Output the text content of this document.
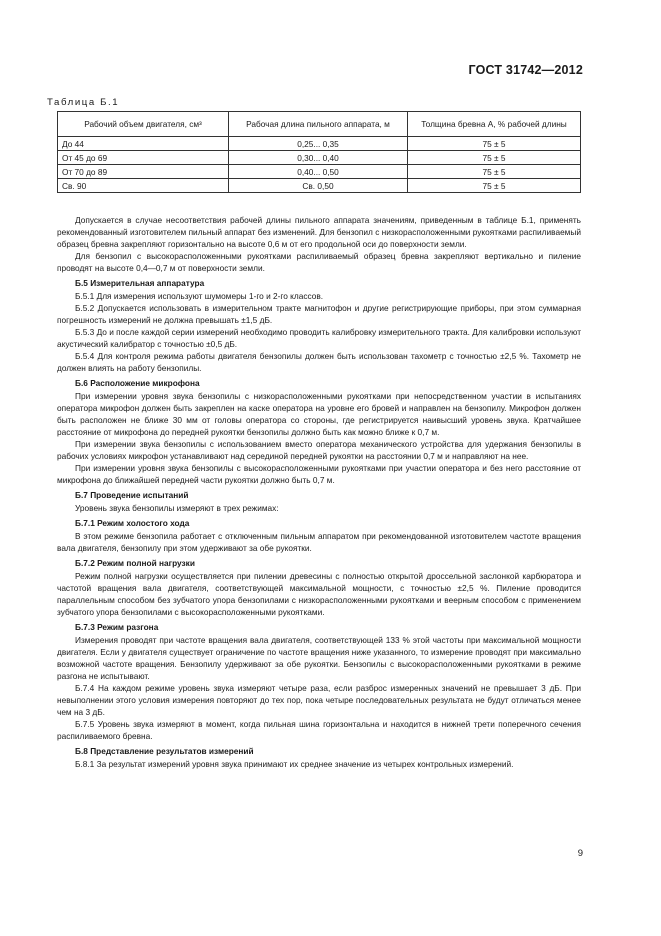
ГОСТ 31742—2012
Таблица Б.1
Рабочий объем двигателя, см³	Рабочая длина пильного аппарата, м	Толщина бревна A, % рабочей длины
До 44	0,25... 0,35	75 ± 5
От 45 до 69	0,30... 0,40	75 ± 5
От 70 до 89	0,40... 0,50	75 ± 5
Св. 90	Св. 0,50	75 ± 5

Допускается в случае несоответствия рабочей длины пильного аппарата значениям, приведенным в таблице Б.1, применять рекомендованный изготовителем пильный аппарат без изменений. Для бензопил с низкорасположенными рукоятками распиливаемый образец бревна закрепляют горизонтально на высоте 0,6 м от его продольной оси до поверхности земли.

Для бензопил с высокорасположенными рукоятками распиливаемый образец бревна закрепляют вертикально и пиление проводят на высоте 0,4—0,7 м от поверхности земли.

Б.5 Измерительная аппаратура

Б.5.1 Для измерения используют шумомеры 1-го и 2-го классов.

Б.5.2 Допускается использовать в измерительном тракте магнитофон и другие регистрирующие приборы, при этом суммарная погрешность измерений не должна превышать ±1,5 дБ.

Б.5.3 До и после каждой серии измерений необходимо проводить калибровку измерительного тракта. Для калибровки используют акустический калибратор с точностью ±0,5 дБ.

Б.5.4 Для контроля режима работы двигателя бензопилы должен быть использован тахометр с точностью ±2,5 %. Тахометр не должен влиять на работу бензопилы.

Б.6 Расположение микрофона

При измерении уровня звука бензопилы с низкорасположенными рукоятками при непосредственном участии в испытаниях оператора микрофон должен быть закреплен на каске оператора на уровне его бровей и направлен на бензопилу. Микрофон должен быть расположен не ближе 30 мм от головы оператора со стороны, где регистрируется наивысший уровень звука. Кратчайшее расстояние от микрофона до передней рукоятки бензопилы должно быть как можно ближе к 0,7 м.

При измерении звука бензопилы с использованием вместо оператора механического устройства для удержания бензопилы в рабочих условиях микрофон устанавливают над серединой передней рукоятки на расстоянии 0,7 м и направляют на нее.

При измерении уровня звука бензопилы с высокорасположенными рукоятками при участии оператора и без него расстояние от микрофона до ближайшей передней части рукоятки должно быть 0,7 м.

Б.7 Проведение испытаний

Уровень звука бензопилы измеряют в трех режимах:

Б.7.1 Режим холостого хода

В этом режиме бензопила работает с отключенным пильным аппаратом при рекомендованной изготовителем частоте вращения вала двигателя, бензопилу при этом удерживают за обе рукоятки.

Б.7.2 Режим полной нагрузки

Режим полной нагрузки осуществляется при пилении древесины с полностью открытой дроссельной заслонкой карбюратора и частотой вращения вала двигателя, соответствующей максимальной мощности, с точностью ±2,5 %. Пиление проводится параллельным способом без зубчатого упора бензопилами с низкорасположенными рукоятками и веерным способом с применением зубчатого упора бензопилами с высокорасположенными рукоятками.

Б.7.3 Режим разгона

Измерения проводят при частоте вращения вала двигателя, соответствующей 133 % этой частоты при максимальной мощности двигателя. Если у двигателя существует ограничение по частоте вращения ниже указанного, то измерение проводят при максимально возможной частоте вращения. Бензопилу удерживают за обе рукоятки. Бензопилы с высокорасположенными рукоятками в режиме разгона не испытывают.

Б.7.4 На каждом режиме уровень звука измеряют четыре раза, если разброс измеренных значений не превышает 3 дБ. При невыполнении этого условия измерения повторяют до тех пор, пока четыре последовательных результата не будут отличаться менее чем на 3 дБ.

Б.7.5 Уровень звука измеряют в момент, когда пильная шина горизонтальна и находится в нижней трети поперечного сечения распиливаемого бревна.

Б.8 Представление результатов измерений

Б.8.1 За результат измерений уровня звука принимают их среднее значение из четырех контрольных измерений.

9
